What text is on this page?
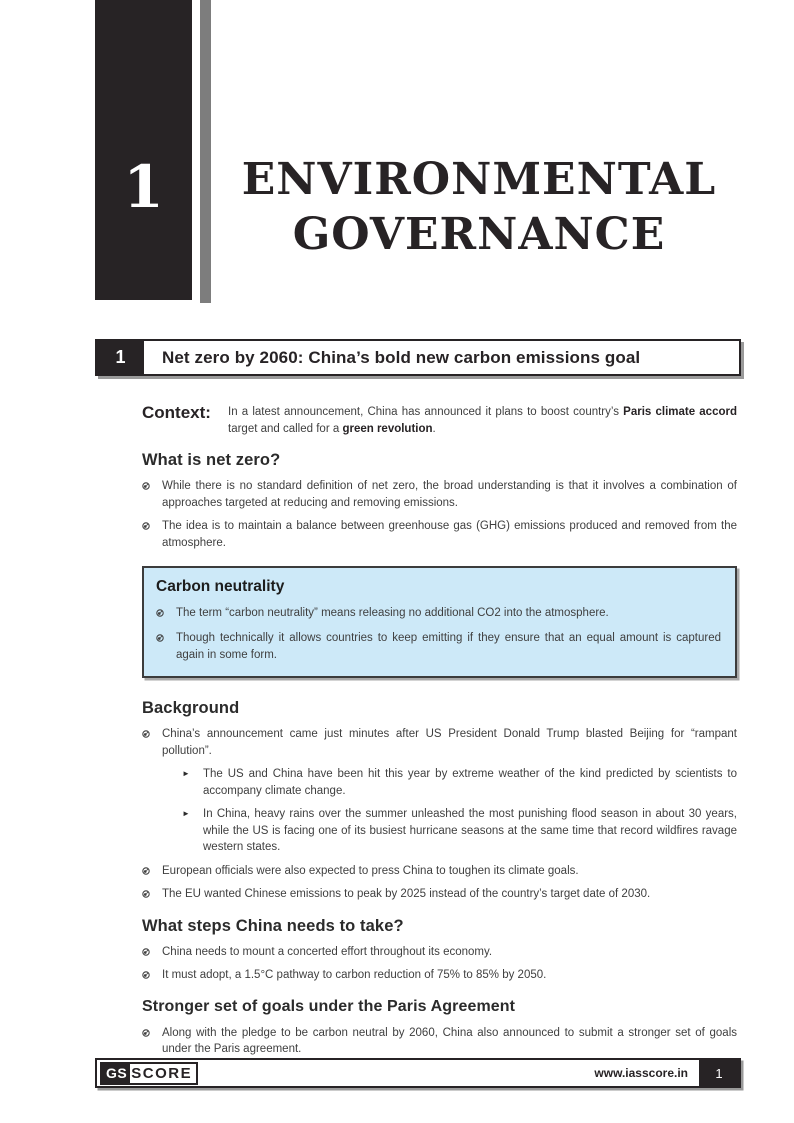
1	ENVIRONMENTAL
GOVERNANCE
1	Net zero by 2060: China’s bold new carbon emissions goal
Context:	In a latest announcement, China has announced it plans to boost country’s Paris climate accord target and called for a green revolution.
What is net zero?
While there is no standard definition of net zero, the broad understanding is that it involves a combination of approaches targeted at reducing and removing emissions.
The idea is to maintain a balance between greenhouse gas (GHG) emissions produced and removed from the atmosphere.
Carbon neutrality
The term “carbon neutrality” means releasing no additional CO2 into the atmosphere.
Though technically it allows countries to keep emitting if they ensure that an equal amount is captured again in some form.
Background
China’s announcement came just minutes after US President Donald Trump blasted Beijing for “rampant pollution”.
►	The US and China have been hit this year by extreme weather of the kind predicted by scientists to accompany climate change.
►	In China, heavy rains over the summer unleashed the most punishing flood season in about 30 years, while the US is facing one of its busiest hurricane seasons at the same time that record wildfires ravage western states.
European officials were also expected to press China to toughen its climate goals.
The EU wanted Chinese emissions to peak by 2025 instead of the country’s target date of 2030.
What steps China needs to take?
China needs to mount a concerted effort throughout its economy.
It must adopt, a 1.5°C pathway to carbon reduction of 75% to 85% by 2050.
Stronger set of goals under the Paris Agreement
Along with the pledge to be carbon neutral by 2060, China also announced to submit a stronger set of goals under the Paris agreement.
GS SCORE	www.iasscore.in	1
